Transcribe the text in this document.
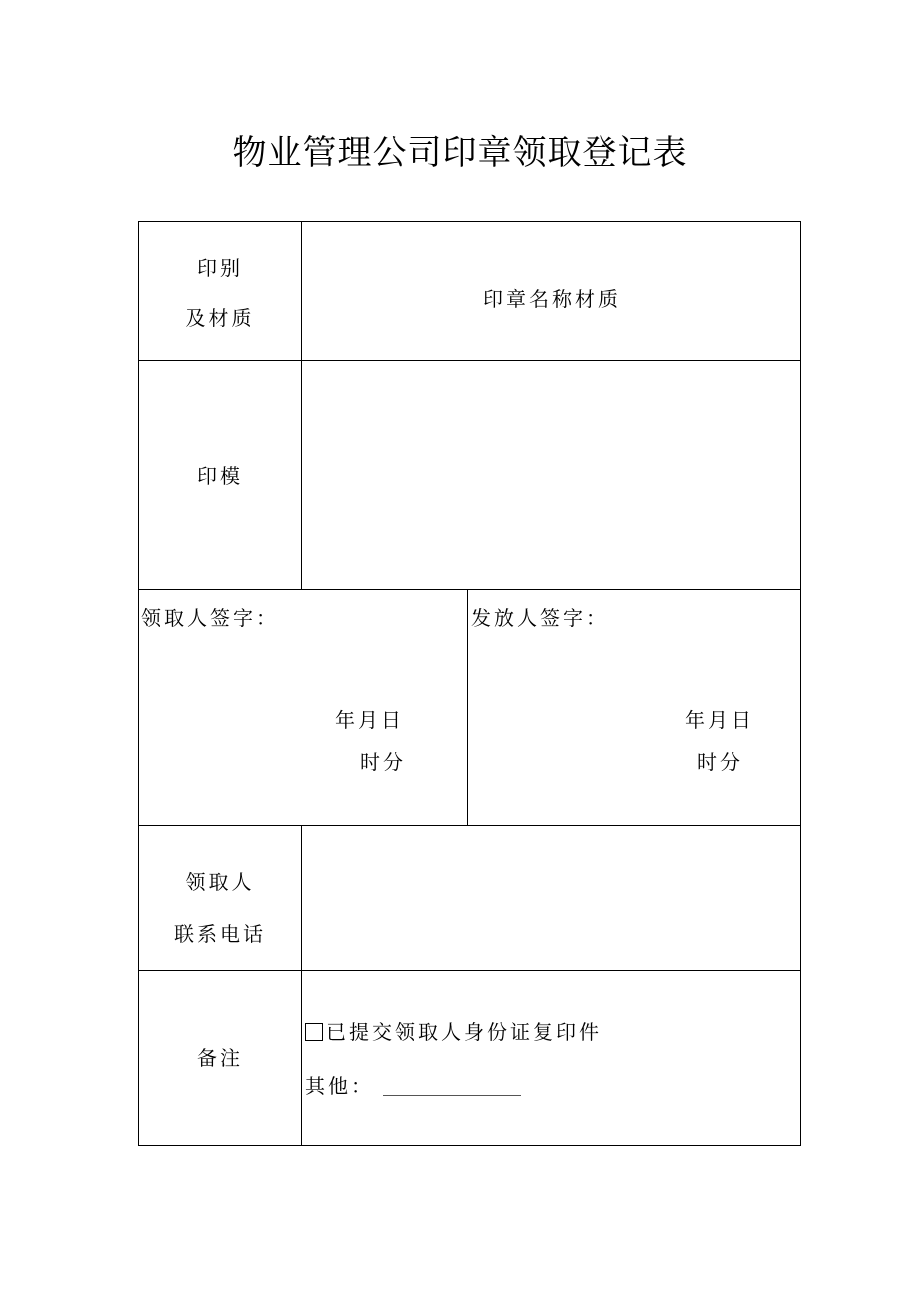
物业管理公司印章领取登记表
印别
及材质
印章名称材质
印模
领取人签字：
年月日
时分
发放人签字：
年月日
时分
领取人
联系电话
备注
已提交领取人身份证复印件
其他：
